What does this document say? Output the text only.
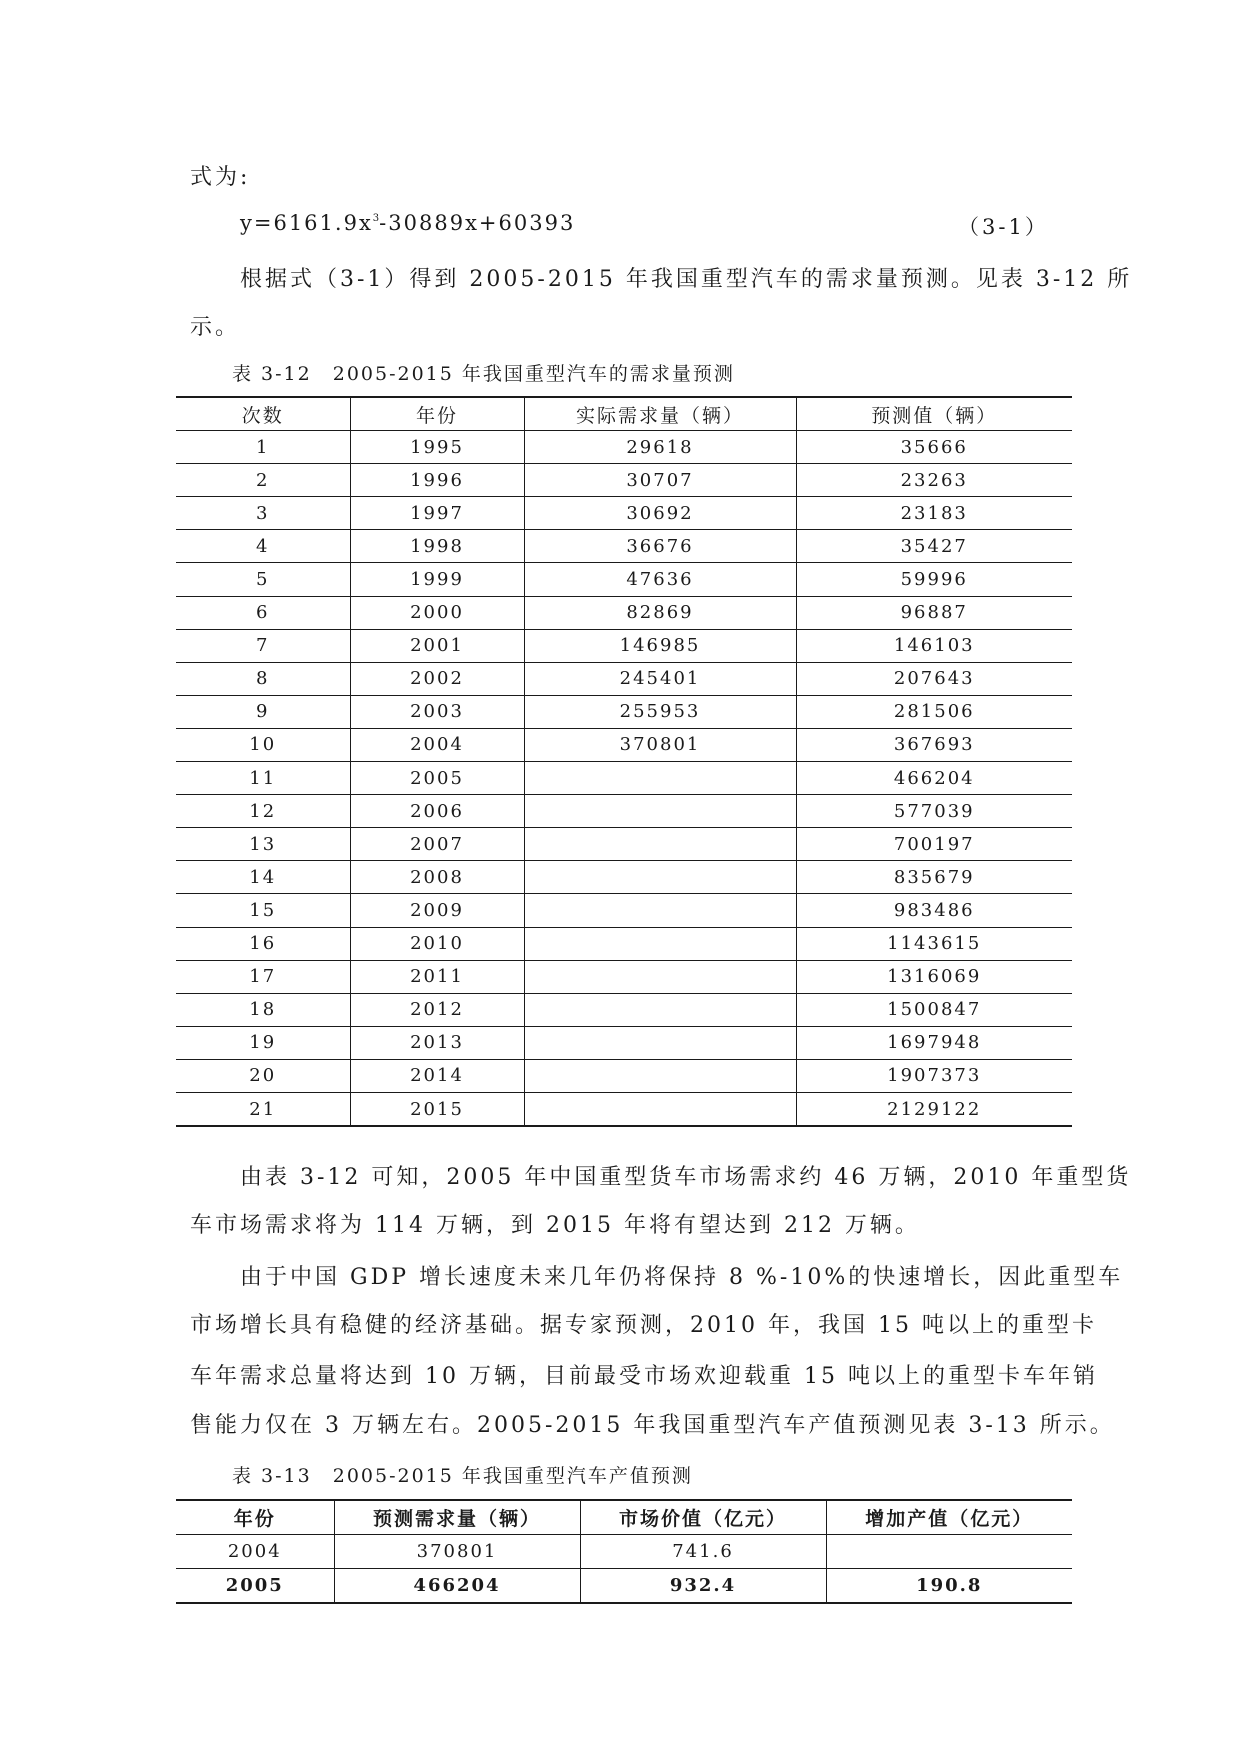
式为:
$y=6161.9x^3-30889x+60393$	（3-1）
根据式（3-1）得到 2005-2015 年我国重型汽车的需求量预测。见表 3-12 所
示。
表 3-12　2005-2015 年我国重型汽车的需求量预测
次数	年份	实际需求量（辆）	预测值（辆）
1	1995	29618	35666
2	1996	30707	23263
3	1997	30692	23183
4	1998	36676	35427
5	1999	47636	59996
6	2000	82869	96887
7	2001	146985	146103
8	2002	245401	207643
9	2003	255953	281506
10	2004	370801	367693
11	2005		466204
12	2006		577039
13	2007		700197
14	2008		835679
15	2009		983486
16	2010		1143615
17	2011		1316069
18	2012		1500847
19	2013		1697948
20	2014		1907373
21	2015		2129122
由表 3-12 可知，2005 年中国重型货车市场需求约 46 万辆，2010 年重型货
车市场需求将为 114 万辆，到 2015 年将有望达到 212 万辆。
由于中国 GDP 增长速度未来几年仍将保持 8 %-10%的快速增长，因此重型车
市场增长具有稳健的经济基础。据专家预测，2010 年，我国 15 吨以上的重型卡
车年需求总量将达到 10 万辆，目前最受市场欢迎载重 15 吨以上的重型卡车年销
售能力仅在 3 万辆左右。2005-2015 年我国重型汽车产值预测见表 3-13 所示。
表 3-13　2005-2015 年我国重型汽车产值预测
年份	预测需求量（辆）	市场价值（亿元）	增加产值（亿元）
2004	370801	741.6	
2005	466204	932.4	190.8
